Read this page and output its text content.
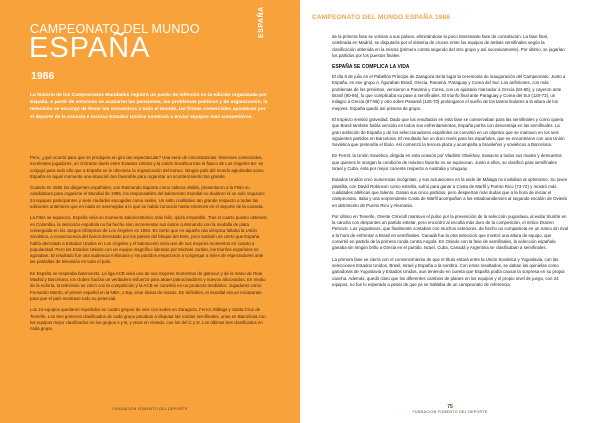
CAMPEONATO DEL MUNDO
ESPAÑA
1986
ESPAÑA
La historia de los Campeonatos Mundiales registró un punto de inflexión en la edición organizada por España. A partir de entonces se acabaron las pensiones, los problemas políticos y de organización, la televisión se encargó de llevar los encuentros a todo el mundo, las firmas comerciales apostaron por el deporte de la canasta e incluso Estados Unidos comenzó a enviar equipos más competitivos.

Pero, ¿qué ocurrió para que se produjera un giro tan espectacular? Una serie de circunstancias -intereses comerciales, excelentes jugadores, un chirrante duelo entre Estados Unidos y la Unión Soviética tras el fiasco de Los Ángeles-84- se conjugó para todo ello que a España se le ofreciese la organización del torneo. Ningún país del mundo aglutinaba como España en aquel momento una situación tan favorable para organizar un acontecimiento tan grande.

Cuando en 1982 los dirigentes españoles, con Raimundo Saporta como cabeza visible, presentaron a la FIBA su candidatura para organizar el Mundial de 1986, los responsables del baloncesto mundial no dudaron ni un solo segundo: 24 equipos participantes y siete ciudades escogidas como sedes. Un salto cualitativo tan grande respecto a todas las ediciones anteriores que en nada se asemejaba a lo que se había conocido hasta entonces en el deporte de la canasta.

La FIBA se equivocó. España vivía su momento baloncestístico más feliz, quizá irrepetible. Tras el cuarto puesto obtenido en Colombia, la selección española no ha hecho sino incrementar sus éxitos culminando con la medalla de plata conseguida en los Juegos Olímpicos de Los Ángeles en 1984. Es cierto que en aquella cita olímpica faltaba la Unión Soviética, a consecuencia del boicot decretado por los países del bloque del Este, pero también es cierto que España había derrotado a Estados Unidos en Los Ángeles y el baloncesto vivía uno de sus mejores momentos en cuanto a popularidad. Pero los Estados Unidos con un equipo magnífico liderado por Michael Jordan, los triunfos españoles se agotaban. El resultado fue una audiencia millonaria y los partidos empezaron a congregar a miles de espectadores ante las pantallas de televisión en todo el país.

En España se respiraba baloncesto. La liga ACB vivía uno de sus mejores momentos de glamour y de la mano de Real Madrid y Barcelona, los clubes hacían un verdadero esfuerzo para atraer patrocinadores y nuevos aficionados. En medio de la euforia, la televisión se volcó con la competición y la ACB se convirtió en un producto mediático. Jugadores como Fernando Martín, el primer español en la NBA, o Epi, eran ídolos de masas. En definitiva, el mundial era un escaparate para que el país mostrase todo su potencial.

Los 24 equipos quedaron repartidos en cuatro grupos de seis con sedes en Zaragoza, Ferrol, Málaga y Santa Cruz de Tenerife. Los tres primeros clasificados de cada grupo pasaban a disputar las rondas semifinales, unas en Barcelona con los equipos mejor clasificados en los grupos A y B, y otras en Oviedo, con los del C y D. Los últimos tres clasificados en cada grupo

FUNDACIÓN FOMENTO DEL DEPORTE
CAMPEONATO DEL MUNDO ESPAÑA 1986

de la primera fase se volvían a sus países, eliminándose la poco interesante fase de consolación. La fase final, celebrada en Madrid, se disputaría por el sistema de cruces entre los equipos de ambas semifinales según la clasificación obtenida en la misma (primero contra segundo del otro grupo y así sucesivamente). Por último, se jugarían los partidos por los puestos finales.

ESPAÑA SE COMPLICA LA VIDA

El día 5 de julio en el Pabellón Príncipe de Zaragoza tenía lugar la ceremonia de inauguración del Campeonato. Junto a España, en ese grupo A, figuraban Brasil, Grecia, Panamá, Paraguay y Corea del Sur. Los anfitriones, con más problemas de los previstos, vencieron a Panamá y Corea, con un ajustado marcador a Grecia (84-80), y cayeron ante Brasil (90-86), lo que complicaba su pase a semifinales. El triunfo final ante Paraguay y Corea del Sur (120-73), un milagro a Grecia (87-86) y otro sobre Panamá (125-70) prolongaron el sueño de los tantos titulares a la altura de los mejores. España quedó así primera de grupo.

El tropiezo revistió gravedad. Dado que los resultados en esta fase se conservaban para las semifinales y como quiera que Brasil también había vencido en todos sus enfrentamientos, España partía con desventaja en las semifinales. La gran ambición de España y de los seleccionadores españoles se convirtió en un objetivo que se mantuvo en los seis siguientes partidos en Barcelona. El resultado fue un duro revés para los españoles, que se encontraron con una Unión Soviética que pretendía el título. Así comenzó la tercera plaza y acompaña a brasileños y soviéticos a Barcelona.

En Ferrol, la Unión Soviética, dirigida en esta ocasión por Vladimir Obukhov, masacra a todos sus rivales y demuestra que quienes le otorgan la condición de máximo favorito no se equivocan. Junto a ellos, se clasificó para semifinales Israel y Cuba, ésta por mejor cociente respecto a Australia y Uruguay.

Estados Unidos creó numerosas incógnitas, y sus actuaciones en la sede de Málaga no invitaban al optimismo. Su joven plantilla, con David Robinson como estrella, sufrió para ganar a Costa de Marfil y Puerto Rico (73-72) y mostró más cualidades atléticas que talento. Ganan sus cinco partidos, pero despiertan más dudas que a la hora de iniciar el campeonato. Italia y una sorprendente Costa de Marfil acompañan a los estadounidenses al segundo escalón de Oviedo en detrimento de Puerto Rico y Alemania.

Por último en Tenerife, Oreste Crinicoll mantuvo el pulso por la prevención de la selección yugoslava, al evitar triunfar en la cancha con despuntes un partido estelar, pero encontró al escolta más duro de la competición, el mítico Drazen Petrovic. Los yugoslavos, que finalmente contaban con muchos exteriores, de hecho un compatriota en un tramo sin rival a la hora de enfrentar a Brasil en semifinales. Canadá fue la otra selección que mostró una altura de equipo, que convirtió en partido de la primera ronda contra Angola. En Oviedo con la fase de semifinales, la selección española ganaba sin ningún brillo a Grecia en el partido. Israel, Cuba, Canadá y Argentina se clasificaban a semifinales.

La primera fase se cierra con el convencimiento de que el título estará entre la Unión Soviética y Yugoslavia, con las selecciones Estados Unidos, Brasil, Israel y España a la sombra. Con estos resultados, se daban las quinielas como ganadoras de Yugoslavia y Estados Unidos, aun teniendo en cuenta que España podía causar la sorpresa en su propia cancha. Además, quedó claro que los diferentes cambios de planes en los equipos y el propio nivel de juego, con 24 equipos, no fue lo esperado a pesar de que ya se hablaba de un campeonato de referencia.

75
FUNDACIÓN FOMENTO DEL DEPORTE
